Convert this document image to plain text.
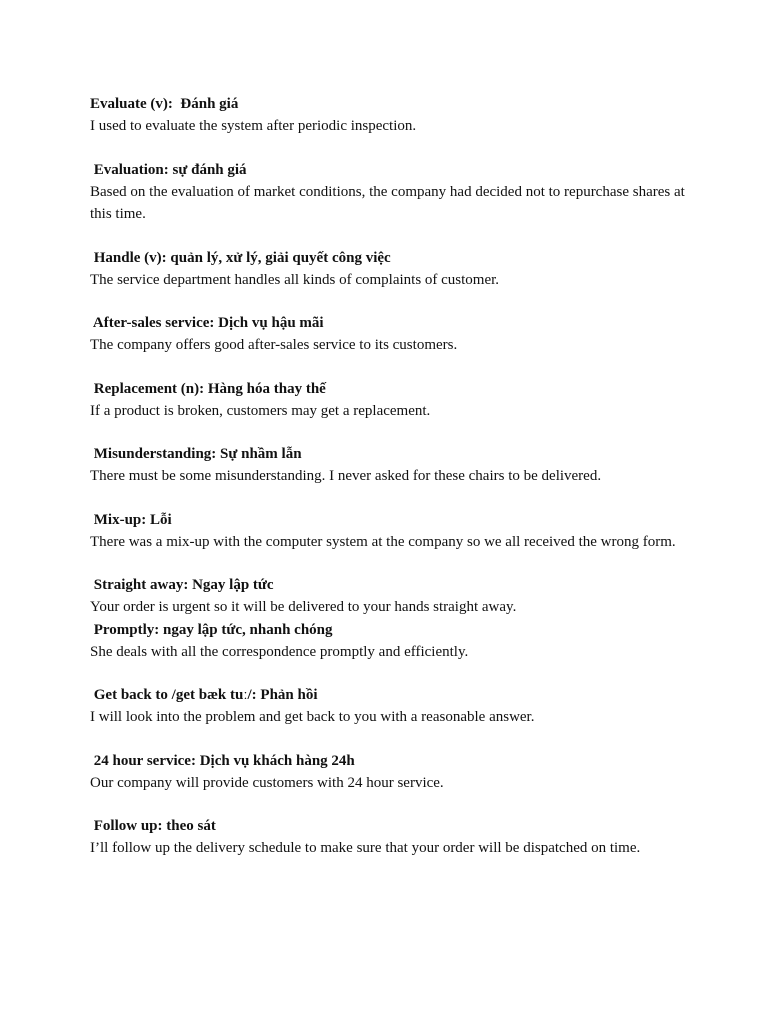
Evaluate (v):  Đánh giá
I used to evaluate the system after periodic inspection.
Evaluation: sự đánh giá
Based on the evaluation of market conditions, the company had decided not to repurchase shares at this time.
Handle (v): quản lý, xử lý, giải quyết công việc
The service department handles all kinds of complaints of customer.
After-sales service: Dịch vụ hậu mãi
The company offers good after-sales service to its customers.
Replacement (n): Hàng hóa thay thế
If a product is broken, customers may get a replacement.
Misunderstanding: Sự nhầm lẫn
There must be some misunderstanding. I never asked for these chairs to be delivered.
Mix-up: Lỗi
There was a mix-up with the computer system at the company so we all received the wrong form.
Straight away: Ngay lập tức
Your order is urgent so it will be delivered to your hands straight away.
Promptly: ngay lập tức, nhanh chóng
She deals with all the correspondence promptly and efficiently.
Get back to /get bæk tuː/: Phản hồi
I will look into the problem and get back to you with a reasonable answer.
24 hour service: Dịch vụ khách hàng 24h
Our company will provide customers with 24 hour service.
Follow up: theo sát
I’ll follow up the delivery schedule to make sure that your order will be dispatched on time.
